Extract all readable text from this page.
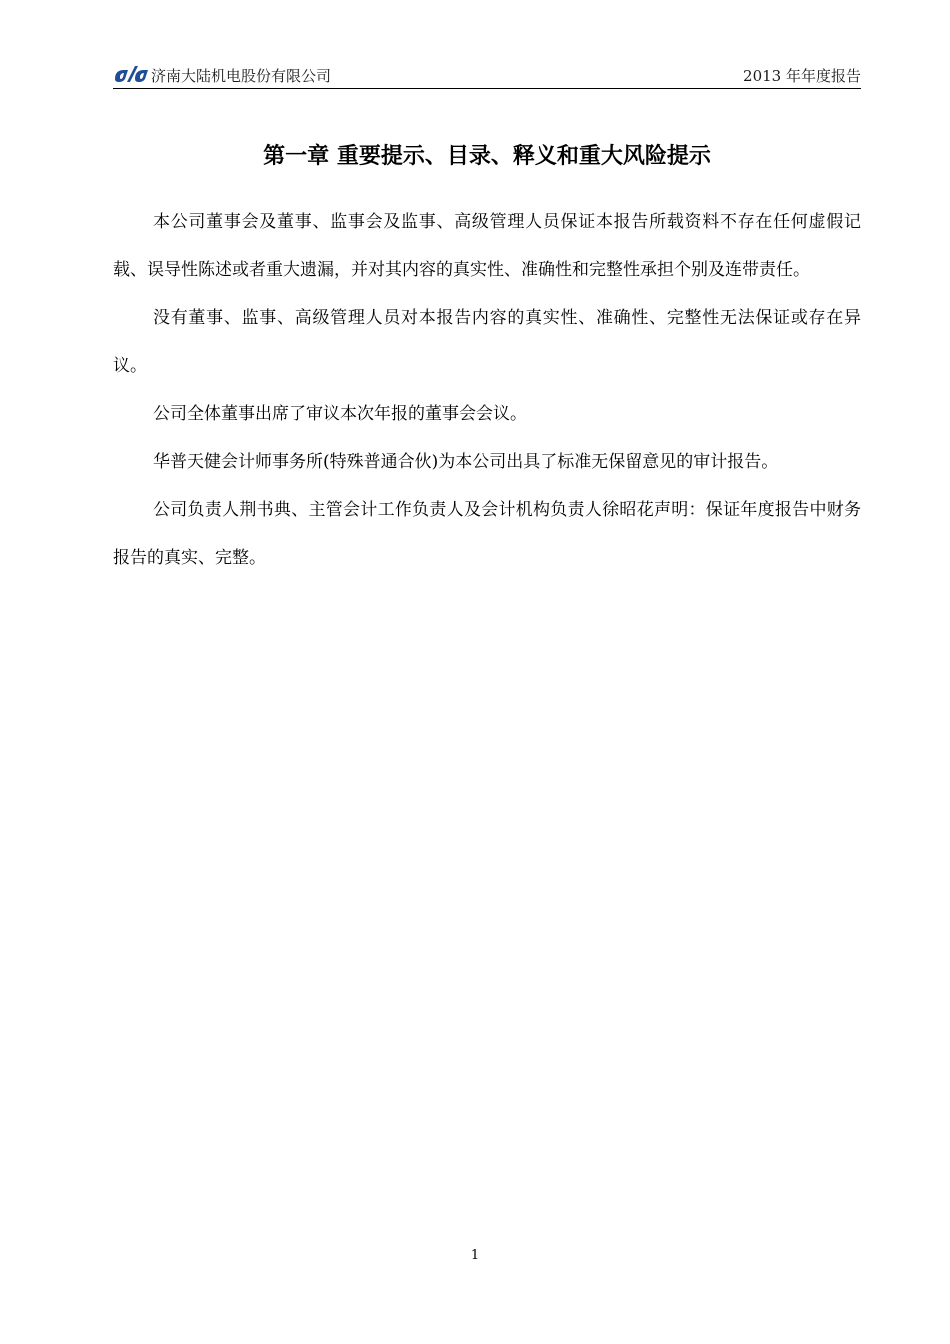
济南大陆机电股份有限公司	2013 年年度报告
第一章 重要提示、目录、释义和重大风险提示

本公司董事会及董事、监事会及监事、高级管理人员保证本报告所载资料不存在任何虚假记载、误导性陈述或者重大遗漏，并对其内容的真实性、准确性和完整性承担个别及连带责任。

没有董事、监事、高级管理人员对本报告内容的真实性、准确性、完整性无法保证或存在异议。

公司全体董事出席了审议本次年报的董事会会议。

华普天健会计师事务所(特殊普通合伙)为本公司出具了标准无保留意见的审计报告。

公司负责人荆书典、主管会计工作负责人及会计机构负责人徐昭花声明：保证年度报告中财务报告的真实、完整。

1
